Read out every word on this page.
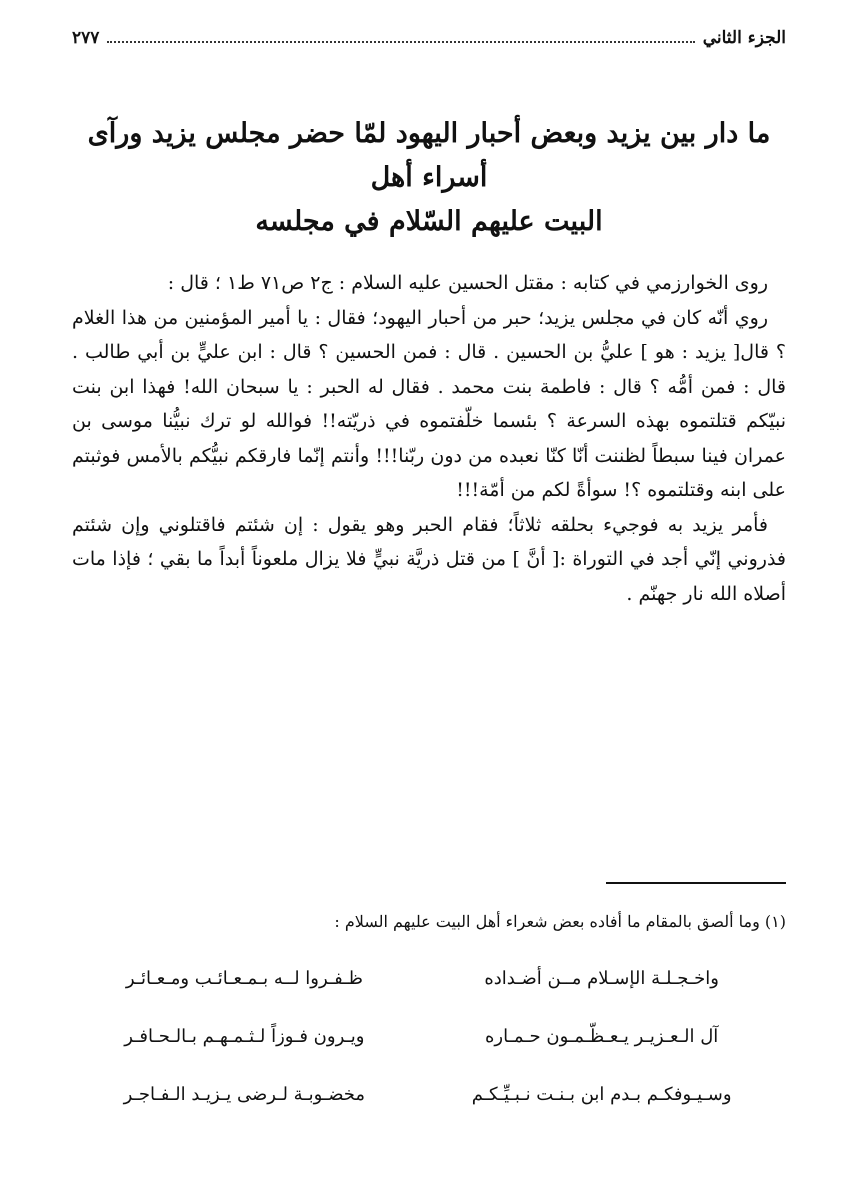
الجزء الثاني
٢٧٧
ما دار بين يزيد وبعض أحبار اليهود لمّا حضر مجلس يزيد ورآى أسراء أهل
البيت عليهم السّلام في مجلسه

روى الخوارزمي في كتابه : مقتل الحسين عليه السلام : ج٢ ص٧١ ط١ ؛ قال :

روي أنّه كان في مجلس يزيد؛ حبر من أحبار اليهود؛ فقال : يا أمير المؤمنين من هذا الغلام ؟ قال[ يزيد : هو ] عليُّ بن الحسين . قال : فمن الحسين ؟ قال : ابن عليٍّ بن أبي طالب . قال : فمن أمُّه ؟ قال : فاطمة بنت محمد . فقال له الحبر : يا سبحان الله! فهذا ابن بنت نبيّكم قتلتموه بهذه السرعة ؟ بئسما خلّفتموه في ذريّته!! فوالله لو ترك نبيُّنا موسى بن عمران فينا سبطاً لظننت أنّا كنّا نعبده من دون ربّنا!!! وأنتم إنّما فارقكم نبيُّكم بالأمس فوثبتم على ابنه وقتلتموه ؟! سوأةً لكم من أمّة!!!

فأمر يزيد به فوجيء بحلقه ثلاثاً؛ فقام الحبر وهو يقول : إن شئتم فاقتلوني وإن شئتم فذروني إنّي أجد في التوراة :[ أنَّ ] من قتل ذريَّة نبيٍّ فلا يزال ملعوناً أبداً ما بقي ؛ فإذا مات أصلاه الله نار جهنّم .

(١) وما ألصق بالمقام ما أفاده بعض شعراء أهل البيت عليهم السلام :
واخـجـلـة الإسـلام مــن أضـداده
ظـفـروا لــه بـمـعـائـب ومـعـائـر
آل الـعـزيـر يـعـظّـمـون حـمـاره
ويـرون فـوزاً لـثـمـهـم بـالـحـافـر
وسـيـوفكـم بـدم ابن بـنـت نـبـيِّـكـم
مخضـوبـة لـرضى يـزيـد الـفـاجـر
